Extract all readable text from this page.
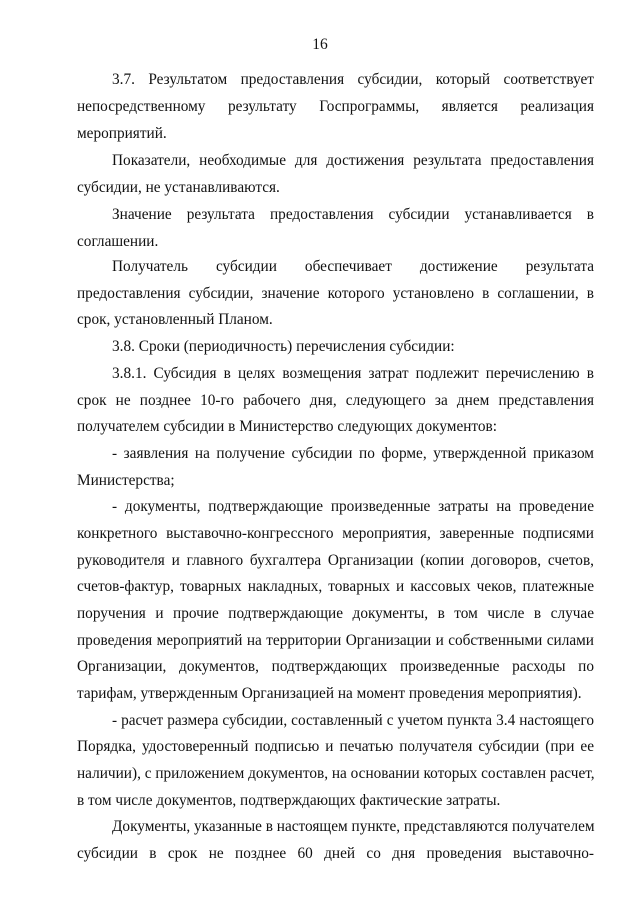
16
3.7. Результатом предоставления субсидии, который соответствует
непосредственному результату Госпрограммы, является реализация
мероприятий.
Показатели, необходимые для достижения результата предоставления
субсидии, не устанавливаются.
Значение результата предоставления субсидии устанавливается в
соглашении.
Получатель субсидии обеспечивает достижение результата
предоставления субсидии, значение которого установлено в соглашении, в
срок, установленный Планом.
3.8. Сроки (периодичность) перечисления субсидии:
3.8.1. Субсидия в целях возмещения затрат подлежит перечислению в
срок не позднее 10-го рабочего дня, следующего за днем представления
получателем субсидии в Министерство следующих документов:
- заявления на получение субсидии по форме, утвержденной приказом
Министерства;
- документы, подтверждающие произведенные затраты на проведение
конкретного выставочно-конгрессного мероприятия, заверенные подписями
руководителя и главного бухгалтера Организации (копии договоров, счетов,
счетов-фактур, товарных накладных, товарных и кассовых чеков, платежные
поручения и прочие подтверждающие документы, в том числе в случае
проведения мероприятий на территории Организации и собственными силами
Организации, документов, подтверждающих произведенные расходы по
тарифам, утвержденным Организацией на момент проведения мероприятия).
- расчет размера субсидии, составленный с учетом пункта 3.4 настоящего
Порядка, удостоверенный подписью и печатью получателя субсидии (при ее
наличии), с приложением документов, на основании которых составлен расчет,
в том числе документов, подтверждающих фактические затраты.
Документы, указанные в настоящем пункте, представляются получателем
субсидии в срок не позднее 60 дней со дня проведения выставочно-
